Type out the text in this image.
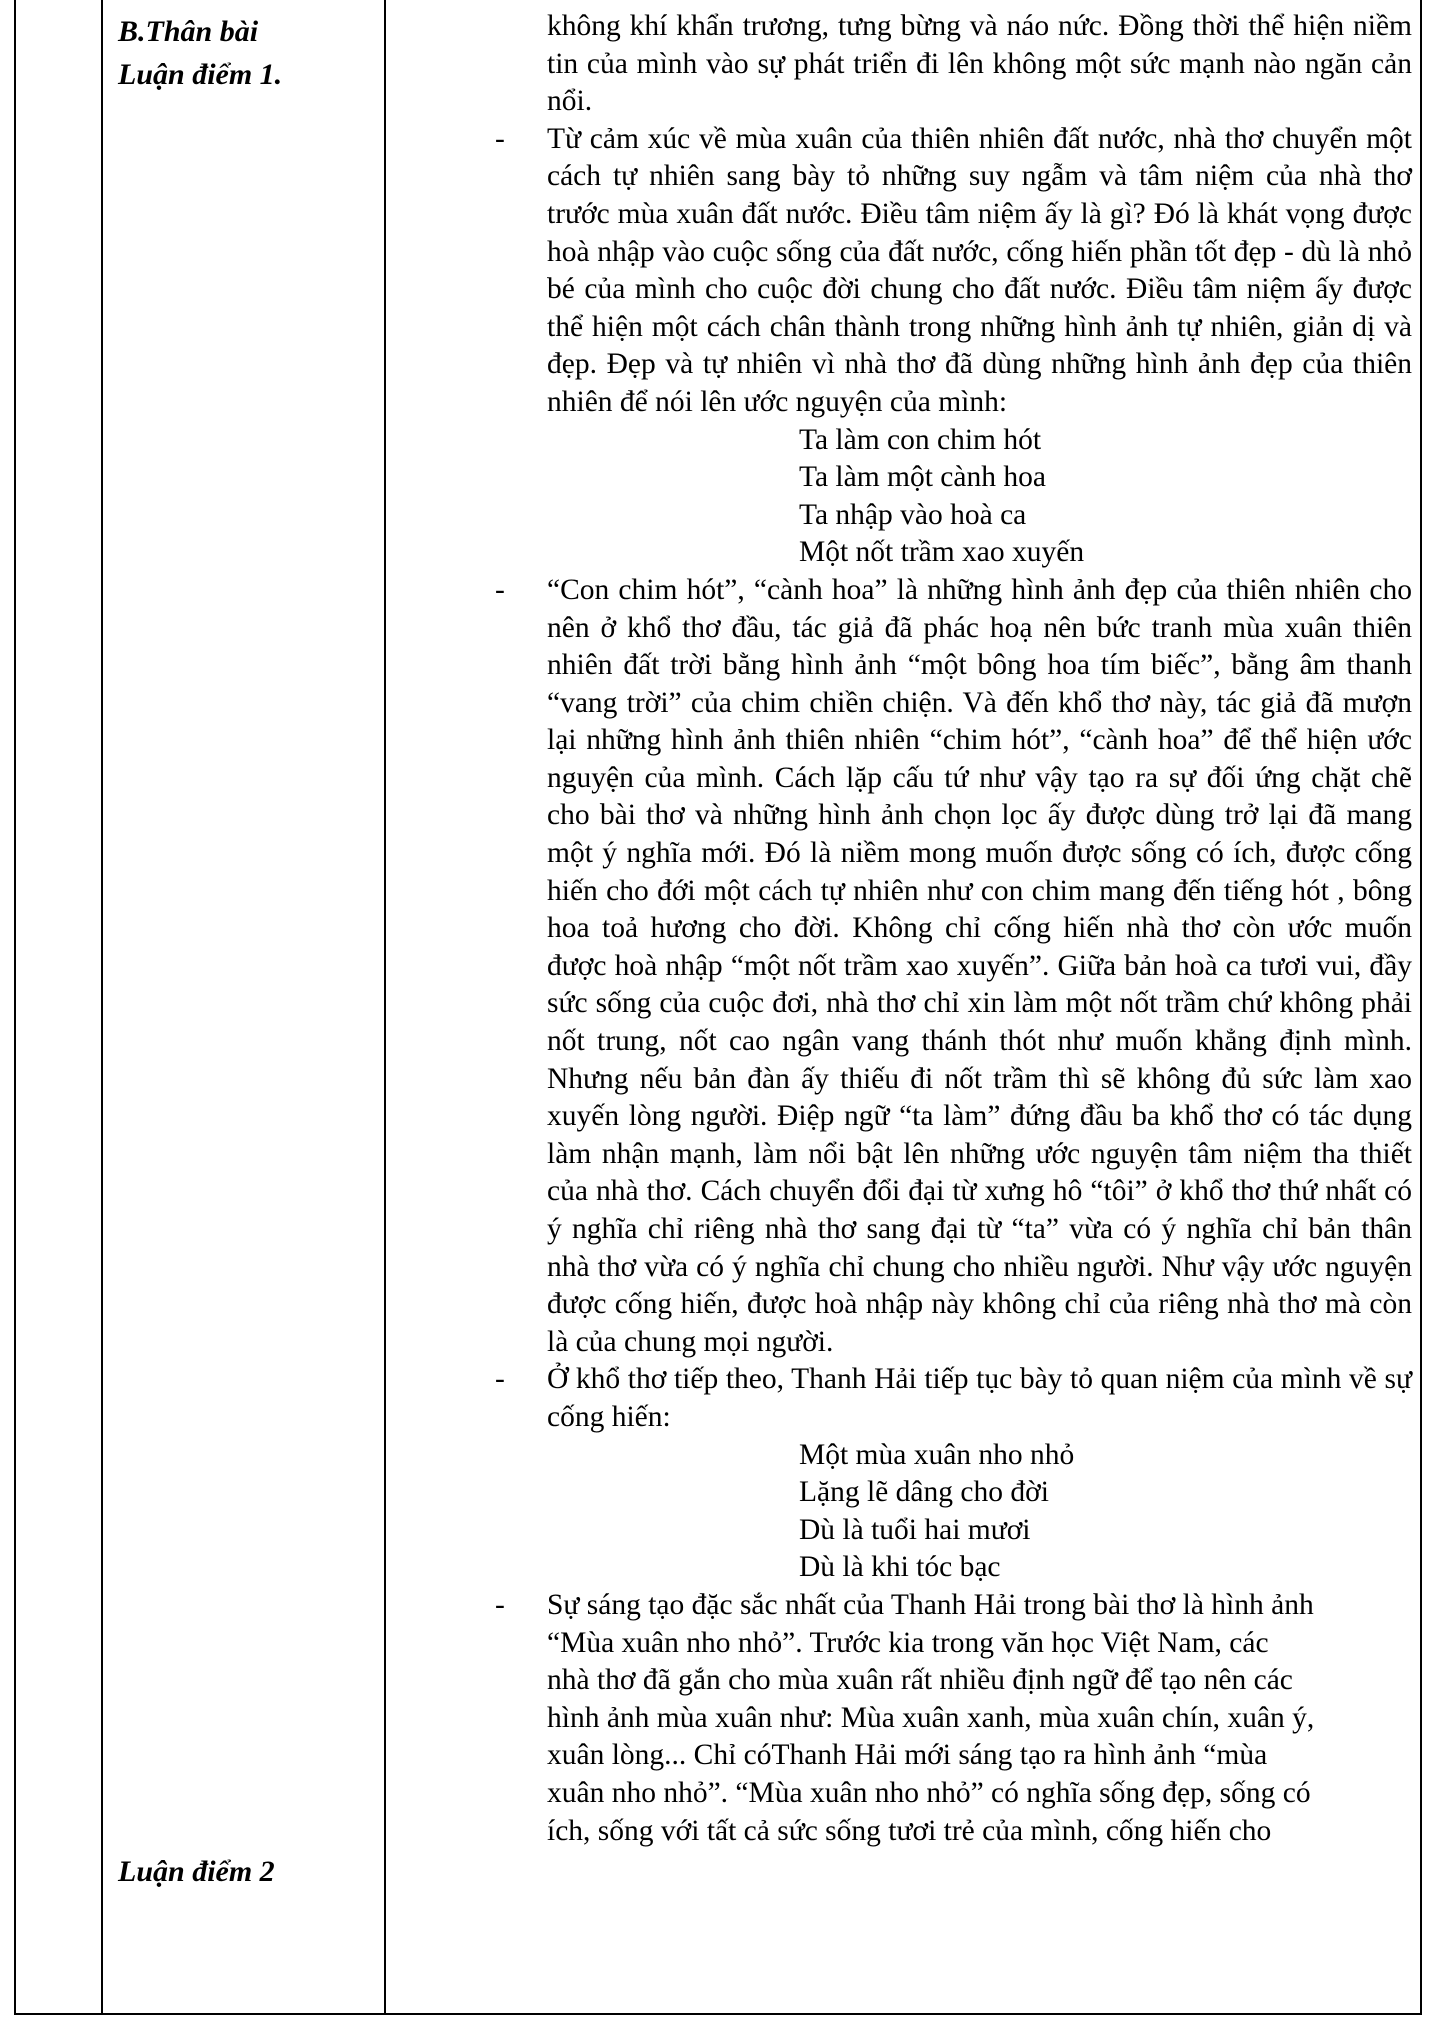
B.Thân bài
Luận điểm 1.
Luận điểm 2

không khí khẩn trương, tưng bừng và náo nức. Đồng thời thể hiện niềm tin của mình vào sự phát triển đi lên không một sức mạnh nào ngăn cản nổi.

- Từ cảm xúc về mùa xuân của thiên nhiên đất nước, nhà thơ chuyển một cách tự nhiên sang bày tỏ những suy ngẫm và tâm niệm của nhà thơ trước mùa xuân đất nước. Điều tâm niệm ấy là gì? Đó là khát vọng được hoà nhập vào cuộc sống của đất nước, cống hiến phần tốt đẹp - dù là nhỏ bé của mình cho cuộc đời chung cho đất nước. Điều tâm niệm ấy được thể hiện một cách chân thành trong những hình ảnh tự nhiên, giản dị và đẹp. Đẹp và tự nhiên vì nhà thơ đã dùng những hình ảnh đẹp của thiên nhiên để nói lên ước nguyện của mình:

Ta làm con chim hót
Ta làm một cành hoa
Ta nhập vào hoà ca
Một nốt trầm xao xuyến
- “Con chim hót”, “cành hoa” là những hình ảnh đẹp của thiên nhiên cho nên ở khổ thơ đầu, tác giả đã phác hoạ nên bức tranh mùa xuân thiên nhiên đất trời bằng hình ảnh “một bông hoa tím biếc”, bằng âm thanh “vang trời” của chim chiền chiện. Và đến khổ thơ này, tác giả đã mượn lại những hình ảnh thiên nhiên “chim hót”, “cành hoa” để thể hiện ước nguyện của mình. Cách lặp cấu tứ như vậy tạo ra sự đối ứng chặt chẽ cho bài thơ và những hình ảnh chọn lọc ấy được dùng trở lại đã mang một ý nghĩa mới. Đó là niềm mong muốn được sống có ích, được cống hiến cho đới một cách tự nhiên như con chim mang đến tiếng hót , bông hoa toả hương cho đời. Không chỉ cống hiến nhà thơ còn ước muốn được hoà nhập “một nốt trầm xao xuyến”. Giữa bản hoà ca tươi vui, đầy sức sống của cuộc đơi, nhà thơ chỉ xin làm một nốt trầm chứ không phải nốt trung, nốt cao ngân vang thánh thót như muốn khẳng định mình. Nhưng nếu bản đàn ấy thiếu đi nốt trầm thì sẽ không đủ sức làm xao xuyến lòng người. Điệp ngữ “ta làm” đứng đầu ba khổ thơ có tác dụng làm nhận mạnh, làm nổi bật lên những ước nguyện tâm niệm tha thiết của nhà thơ. Cách chuyển đổi đại từ xưng hô “tôi” ở khổ thơ thứ nhất có ý nghĩa chỉ riêng nhà thơ sang đại từ “ta” vừa có ý nghĩa chỉ bản thân nhà thơ vừa có ý nghĩa chỉ chung cho nhiều người. Như vậy ước nguyện được cống hiến, được hoà nhập này không chỉ của riêng nhà thơ mà còn là của chung mọi người.

- Ở khổ thơ tiếp theo, Thanh Hải tiếp tục bày tỏ quan niệm của mình về sự cống hiến:

Một mùa xuân nho nhỏ
Lặng lẽ dâng cho đời
Dù là tuổi hai mươi
Dù là khi tóc bạc
- Sự sáng tạo đặc sắc nhất của Thanh Hải trong bài thơ là hình ảnh
“Mùa xuân nho nhỏ”. Trước kia trong văn học Việt Nam, các
nhà thơ đã gắn cho mùa xuân rất nhiều định ngữ để tạo nên các
hình ảnh mùa xuân như: Mùa xuân xanh, mùa xuân chín, xuân ý,
xuân lòng... Chỉ cóThanh Hải mới sáng tạo ra hình ảnh “mùa
xuân nho nhỏ”. “Mùa xuân nho nhỏ” có nghĩa sống đẹp, sống có
ích, sống với tất cả sức sống tươi trẻ của mình, cống hiến cho
